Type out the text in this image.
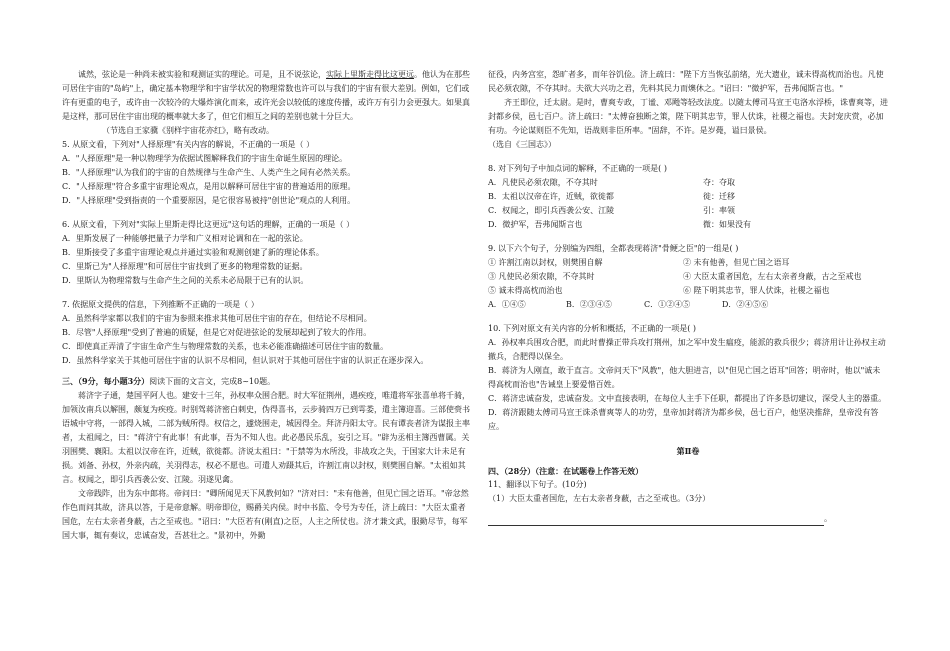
诚然，弦论是一种尚未被实验和观测证实的理论。可是，且不说弦论，实际上里斯走得比这更远。他认为在那些可居住宇宙的"岛屿"上，确定基本物理学和宇宙学状况的物理常数也许可以与我们的宇宙有很大差别。例如，它们或许有更重的电子，或许由一次较冷的大爆炸演化而来，或许光会以较低的速度传播，或许万有引力会更强大。如果真是这样，那可居住宇宙出现的概率就大多了，但它们相互之间的差别也就十分巨大。

（节选自王家骥《别样宇宙花亦红》，略有改动。

5. 从原文看，下列对"人择原理"有关内容的解说，不正确的一项是（ ）

A．"人择原理"是一种以物理学为依据试图解释我们的宇宙生命诞生原因的理论。

B．"人择原理"认为我们的宇宙的自然规律与生命产生、人类产生之间有必然关系。

C．"人择原理"符合多重宇宙理论观点，是用以解释可居住宇宙的普遍适用的原理。

D．"人择原理"受到指责的一个重要原因，是它很容易被持"创世论"观点的人利用。

6. 从原文看，下列对"实际上里斯走得比这更远"这句话的理解，正确的一项是（ ）

A．里斯发展了一种能够把量子力学和广义相对论调和在一起的弦论。

B．里斯接受了多重宇宙理论观点并通过实验和观测创建了新的理论体系。

C．里斯已为"人择原理"和可居住宇宙找到了更多的物理常数的证据。

D．里斯认为物理常数与生命产生之间的关系未必局限于已有的认识。

7. 依据原文提供的信息，下列推断不正确的一项是（ ）

A．虽然科学家都以我们的宇宙为参照来推求其他可居住宇宙的存在，但结论不尽相同。

B．尽管"人择原理"受到了普遍的质疑，但是它对促进弦论的发展却起到了较大的作用。

C．即使真正弄清了宇宙生命产生与物理常数的关系，也未必能准确描述可居住宇宙的数量。

D．虽然科学家关于其他可居住宇宙的认识不尽相同，但认识对于其他可居住宇宙的认识正在逐步深入。

三、（9分，每小题3分）阅读下面的文言文，完成8~10题。

蒋济字子通，楚国平阿人也。建安十三年，孙权率众围合肥。时大军征荆州，遇疾疫，唯遣将军张喜单将千骑，加领汝南兵以解围，颇复为疾疫。时别驾蒋济密白刺史，伪得喜书，云步骑四万已到雩娄，遣主簿迎喜。三部使赍书语城中守将，一部得入城，二部为贼所得。权信之，遽烧围走，城因得全。拜济丹阳太守。民有谭丧者济为谋报主率者，太祖闻之，曰："蒋济宁有此事！有此事，吾为不知人也。此必愚民乐乱，妄引之耳。"辟为丞相主簿西曹属。关羽围樊、襄阳。太祖以汉帝在许，近贼，欲徙都。济说太祖曰："于禁等为水所没，非战攻之失，于国家大计未足有损。刘备、孙权，外亲内疏，关羽得志，权必不愿也。可遣人劝蹑其后，许割江南以封权，则樊围自解。"太祖如其言。权闻之，即引兵西袭公安、江陵。羽遂见禽。

文帝践阼，出为东中郎将。帝问曰："卿所闻见天下风教何如？"济对曰："未有他善，但见亡国之语耳。"帝忿然作色而问其故，济具以答，于是帝意解。明帝即位，赐爵关内侯。时中书监、令号为专任，济上疏曰："大臣太重者国危，左右太亲者身蔽，古之至戒也。"诏曰："大臣若有(刚直)之臣，人主之所仗也。济才兼文武，服勤尽节，每军国大事，辄有奏议，忠诚奋发，吾甚壮之。"景初中，外勤

征役，内务宫室，怨旷者多，而年谷饥俭。济上疏曰："陛下方当恢弘前绪，光大遗业，诚未得高枕而治也。凡使民必须农隙，不夺其时。夫欲大兴功之君，先料其民力而燠休之。"诏曰："微护军，吾弗闻斯言也。"

齐王即位，迁太尉。是时，曹爽专政，丁谧、邓飏等轻改法度。以随太傅司马宣王屯洛水浮桥，诛曹爽等，进封都乡侯，邑七百户。济上疏曰："太傅奋独断之策，陛下明其忠节，罪人伏诛，社稷之福也。夫封宠庆赏，必加有功。今论谋则臣不先知，语战则非臣所率。"固辞，不许。是岁薨，谥曰景侯。

（选自《三国志》）

8. 对下列句子中加点词的解释，不正确的一项是( )

A．凡使民必须农隙，不夺其时	夺：夺取
B．太祖以汉帝在许，近贼，欲徙都	徙：迁移
C．权闻之，即引兵西袭公安、江陵	引：率领
D．微护军，吾弗闻斯言也	微：如果没有

9. 以下六个句子，分别编为四组，全都表现蒋济"骨鲠之臣"的一组是( )

① 许割江南以封权，则樊围自解	② 未有他善，但见亡国之语耳
③ 凡使民必须农隙，不夺其时	④ 大臣太重者国危，左右太亲者身蔽，古之至戒也
⑤ 诚未得高枕而治也	⑥ 陛下明其忠节，罪人伏诛，社稷之福也
A．①④⑤	B．②③④⑤	C．①②④⑤	D．②④⑤⑥

10. 下列对原文有关内容的分析和概括，不正确的一项是( )

A．孙权率兵围攻合肥，而此时曹操正带兵攻打荆州，加之军中发生瘟疫，能派的救兵很少；蒋济用计让孙权主动撤兵，合肥得以保全。

B．蒋济为人刚直，敢于直言。文帝问天下"风教"，他大胆进言，以"但见亡国之语耳"回答；明帝时，他以"诚未得高枕而治也"告诫皇上要爱惜百姓。

C．蒋济忠诚奋发，忠诚奋发。文中直接表明，在每位人主手下任职，都提出了许多恳切建议，深受人主的器重。

D．蒋济跟随太傅司马宣王诛杀曹爽等人的功劳，皇帝加封蒋济为都乡侯，邑七百户，他坚决推辞，皇帝没有答应。

第Ⅱ卷

四、（28分）（注意：在试题卷上作答无效）

11、翻译以下句子。(10分)

（1）大臣太重者国危，左右太亲者身蔽，古之至戒也。（3分）

。
